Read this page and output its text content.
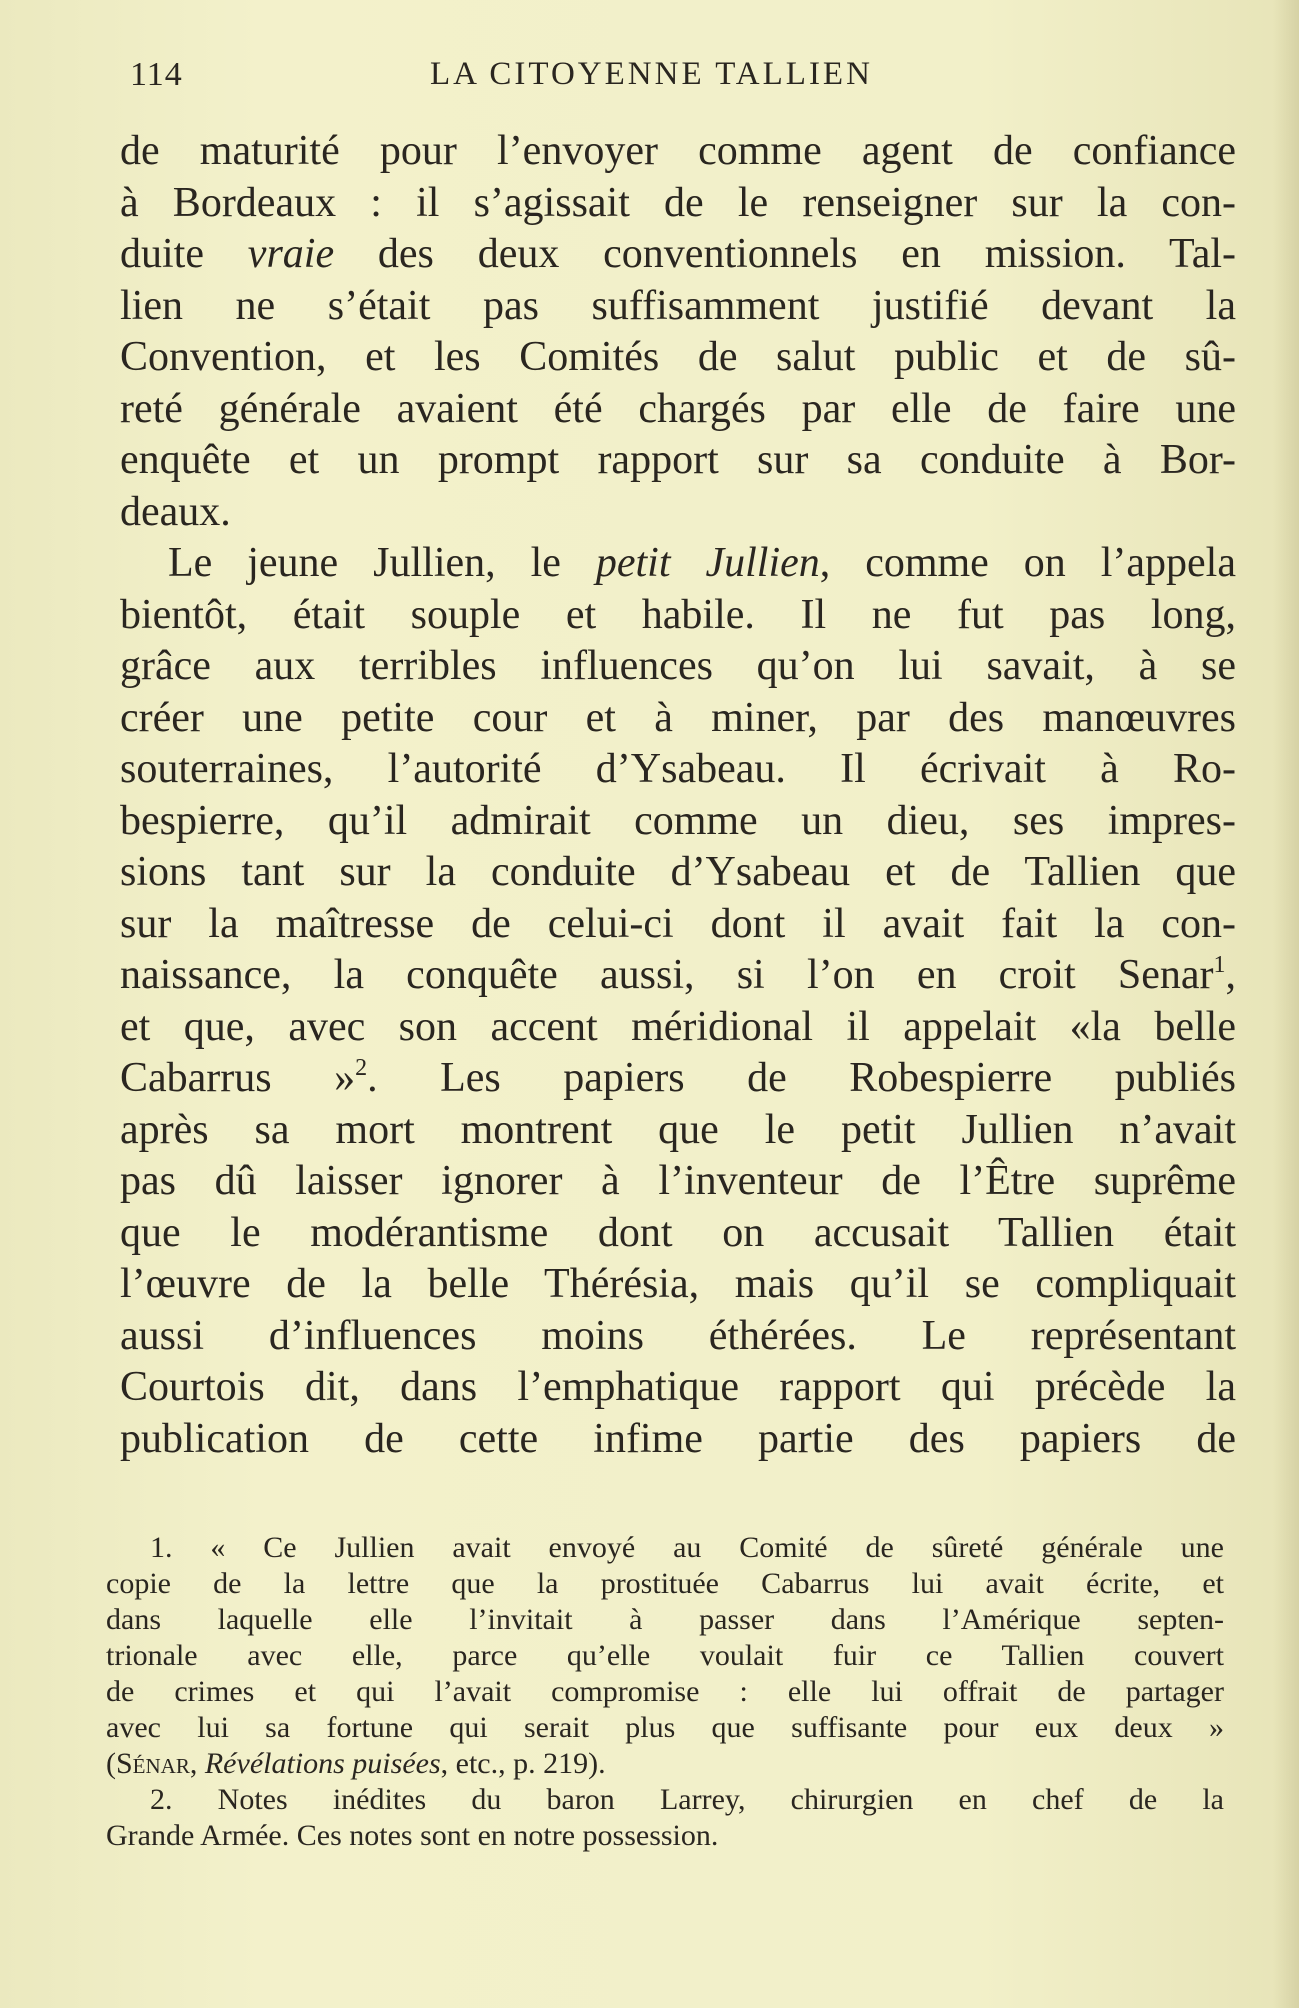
114	LA CITOYENNE TALLIEN
de maturité pour l’envoyer comme agent de confiance
à Bordeaux : il s’agissait de le renseigner sur la con-
duite vraie des deux conventionnels en mission. Tal-
lien ne s’était pas suffisamment justifié devant la
Convention, et les Comités de salut public et de sû-
reté générale avaient été chargés par elle de faire une
enquête et un prompt rapport sur sa conduite à Bor-
deaux.
Le jeune Jullien, le petit Jullien, comme on l’appela
bientôt, était souple et habile. Il ne fut pas long,
grâce aux terribles influences qu’on lui savait, à se
créer une petite cour et à miner, par des manœuvres
souterraines, l’autorité d’Ysabeau. Il écrivait à Ro-
bespierre, qu’il admirait comme un dieu, ses impres-
sions tant sur la conduite d’Ysabeau et de Tallien que
sur la maîtresse de celui-ci dont il avait fait la con-
naissance, la conquête aussi, si l’on en croit Senar$^1$,
et que, avec son accent méridional il appelait «la belle
Cabarrus »$^2$. Les papiers de Robespierre publiés
après sa mort montrent que le petit Jullien n’avait
pas dû laisser ignorer à l’inventeur de l’Être suprême
que le modérantisme dont on accusait Tallien était
l’œuvre de la belle Thérésia, mais qu’il se compliquait
aussi d’influences moins éthérées. Le représentant
Courtois dit, dans l’emphatique rapport qui précède la
publication de cette infime partie des papiers de
1. « Ce Jullien avait envoyé au Comité de sûreté générale une
copie de la lettre que la prostituée Cabarrus lui avait écrite, et
dans laquelle elle l’invitait à passer dans l’Amérique septen-
trionale avec elle, parce qu’elle voulait fuir ce Tallien couvert
de crimes et qui l’avait compromise : elle lui offrait de partager
avec lui sa fortune qui serait plus que suffisante pour eux deux »
(Sénar, Révélations puisées, etc., p. 219).
2. Notes inédites du baron Larrey, chirurgien en chef de la
Grande Armée. Ces notes sont en notre possession.
